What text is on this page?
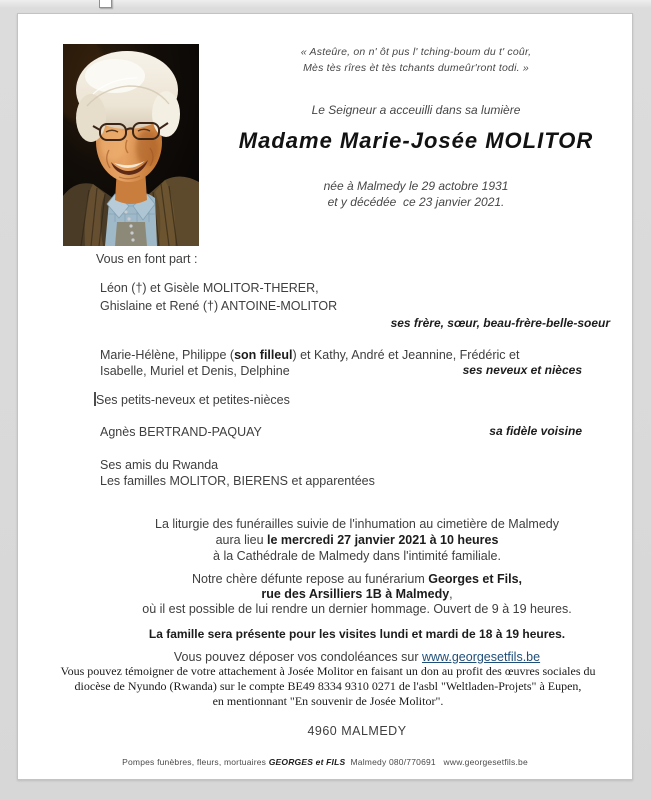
« Asteûre, on n' ôt pus l' tching-boum du t' coûr,
Mès tès rîres èt tès tchants dumeûr'ront todi. »
Le Seigneur a acceuilli dans sa lumière
Madame Marie-Josée MOLITOR
née à Malmedy le 29 actobre 1931
et y décédée  ce 23 janvier 2021.
Vous en font part :
Léon (†) et Gisèle MOLITOR-THERER,
Ghislaine et René (†) ANTOINE-MOLITOR
ses frère, sœur, beau-frère-belle-soeur
Marie-Hélène, Philippe (son filleul) et Kathy, André et Jeannine, Frédéric et
Isabelle, Muriel et Denis, Delphine	ses neveux et nièces
Ses petits-neveux et petites-nièces
Agnès BERTRAND-PAQUAY	sa fidèle voisine
Ses amis du Rwanda
Les familles MOLITOR, BIERENS et apparentées
La liturgie des funérailles suivie de l'inhumation au cimetière de Malmedy
aura lieu le mercredi 27 janvier 2021 à 10 heures
à la Cathédrale de Malmedy dans l'intimité familiale.
Notre chère défunte repose au funérarium Georges et Fils,
rue des Arsilliers 1B à Malmedy,
où il est possible de lui rendre un dernier hommage. Ouvert de 9 à 19 heures.
La famille sera présente pour les visites lundi et mardi de 18 à 19 heures.
Vous pouvez déposer vos condoléances sur www.georgesetfils.be
Vous pouvez témoigner de votre attachement à Josée Molitor en faisant un don au profit des œuvres sociales du
diocèse de Nyundo (Rwanda) sur le compte BE49 8334 9310 0271 de l'asbl "Weltladen-Projets" à Eupen,
en mentionnant "En souvenir de Josée Molitor".
4960 MALMEDY
Pompes funèbres, fleurs, mortuaires GEORGES et FILS  Malmedy 080/770691   www.georgesetfils.be
